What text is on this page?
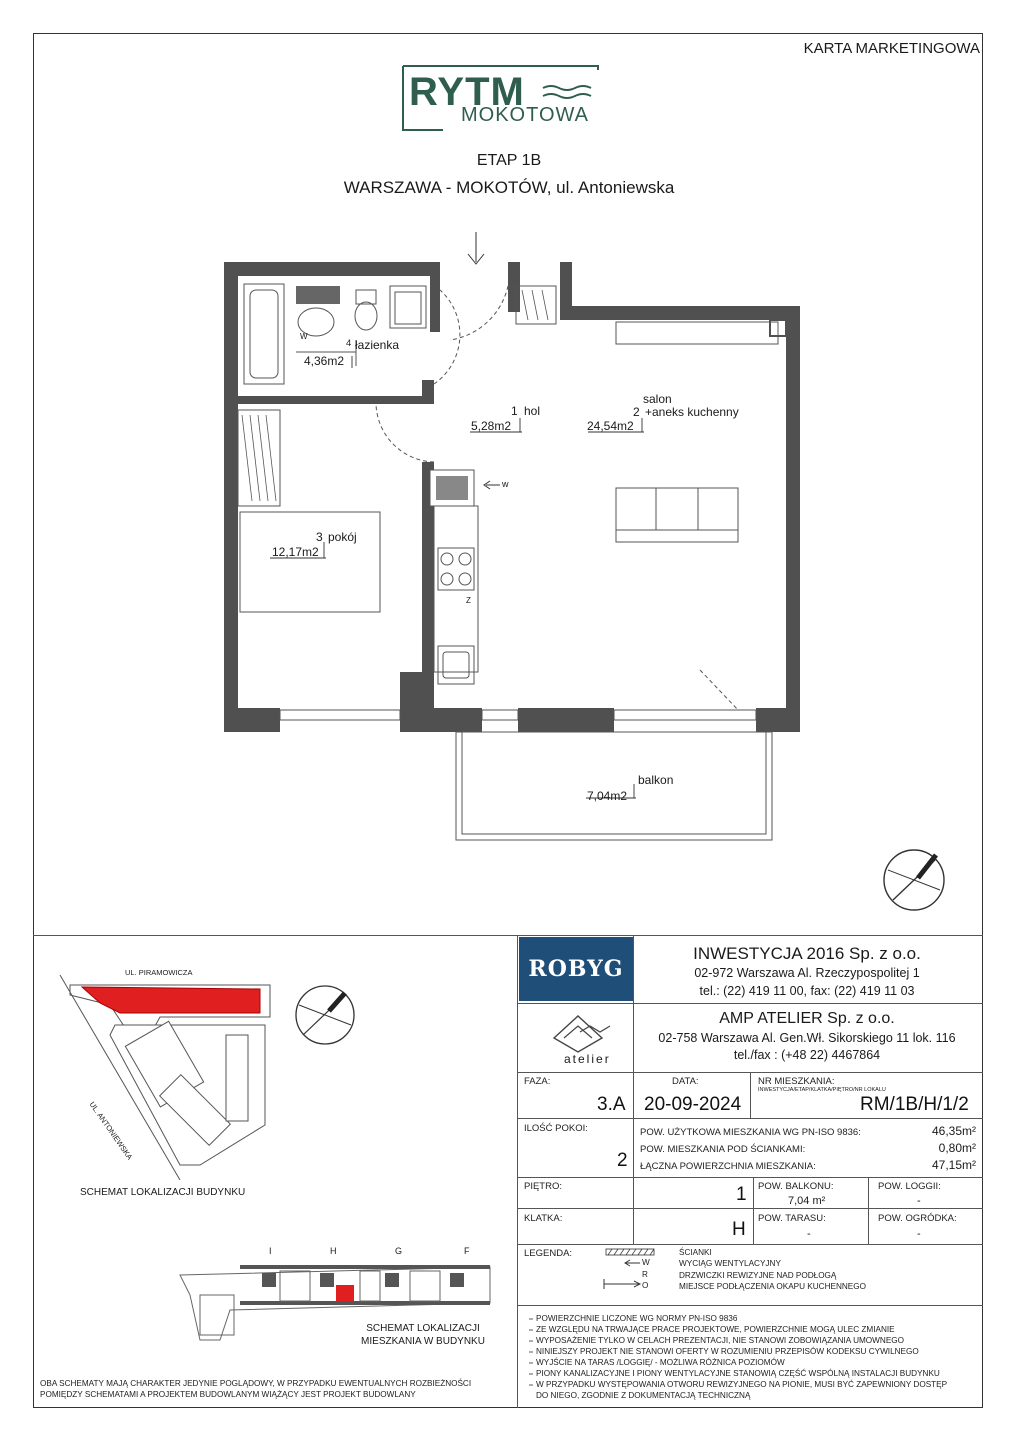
KARTA MARKETINGOWA
RYTM
MOKOTOWA
ETAP 1B
WARSZAWA - MOKOTÓW, ul. Antoniewska
4 łazienka
4,36m2
1 hol
5,28m2
salon
2 +aneks kuchenny
24,54m2
3 pokój
12,17m2
balkon
7,04m2
W
w
Z
ROBYG
INWESTYCJA 2016 Sp. z o.o.
02-972 Warszawa Al. Rzeczypospolitej 1
tel.: (22) 419 11 00, fax: (22) 419 11 03
atelier
AMP ATELIER Sp. z o.o.
02-758 Warszawa Al. Gen.Wł. Sikorskiego 11 lok. 116
tel./fax : (+48 22) 4467864
FAZA:
3.A
DATA:
20-09-2024
NR MIESZKANIA:
INWESTYCJA/ETAP/KLATKA/PIĘTRO/NR LOKALU
RM/1B/H/1/2
ILOŚĆ POKOI:
2
POW. UŻYTKOWA MIESZKANIA WG PN-ISO 9836:	46,35m²
POW. MIESZKANIA POD ŚCIANKAMI:	0,80m²
ŁĄCZNA POWIERZCHNIA MIESZKANIA:	47,15m²
PIĘTRO:	1 POW. BALKONU:
7,04 m²
POW. LOGGII:
-
KLATKA:
H
POW. TARASU:
-
POW. OGRÓDKA:
-
LEGENDA:
W
R
O
ŚCIANKI
WYCIĄG WENTYLACYJNY
DRZWICZKI REWIZYJNE NAD PODŁOGĄ
MIEJSCE PODŁĄCZENIA OKAPU KUCHENNEGO
POWIERZCHNIE LICZONE WG NORMY PN-ISO 9836
ZE WZGLĘDU NA TRWAJĄCE PRACE PROJEKTOWE, POWIERZCHNIE MOGĄ ULEC ZMIANIE
WYPOSAŻENIE TYLKO W CELACH PREZENTACJI, NIE STANOWI ZOBOWIĄZANIA UMOWNEGO
NINIEJSZY PROJEKT NIE STANOWI OFERTY W ROZUMIENIU PRZEPISÓW KODEKSU CYWILNEGO
WYJŚCIE NA TARAS /LOGGIĘ/ - MOŻLIWA RÓŻNICA POZIOMÓW
PIONY KANALIZACYJNE I PIONY WENTYLACYJNE STANOWIĄ CZĘŚĆ WSPÓLNĄ INSTALACJI BUDYNKU
W PRZYPADKU WYSTĘPOWANIA OTWORU REWIZYJNEGO NA PIONIE, MUSI BYĆ ZAPEWNIONY DOSTĘP
DO NIEGO, ZGODNIE Z DOKUMENTACJĄ TECHNICZNĄ
UL. PIRAMOWICZA
UL. ANTONIEWSKA
SCHEMAT LOKALIZACJI BUDYNKU
I	H	G	F
SCHEMAT LOKALIZACJI
MIESZKANIA W BUDYNKU
OBA SCHEMATY MAJĄ CHARAKTER JEDYNIE POGLĄDOWY, W PRZYPADKU EWENTUALNYCH ROZBIEŻNOŚCI
POMIĘDZY SCHEMATAMI A PROJEKTEM BUDOWLANYM WIĄŻĄCY JEST PROJEKT BUDOWLANY
